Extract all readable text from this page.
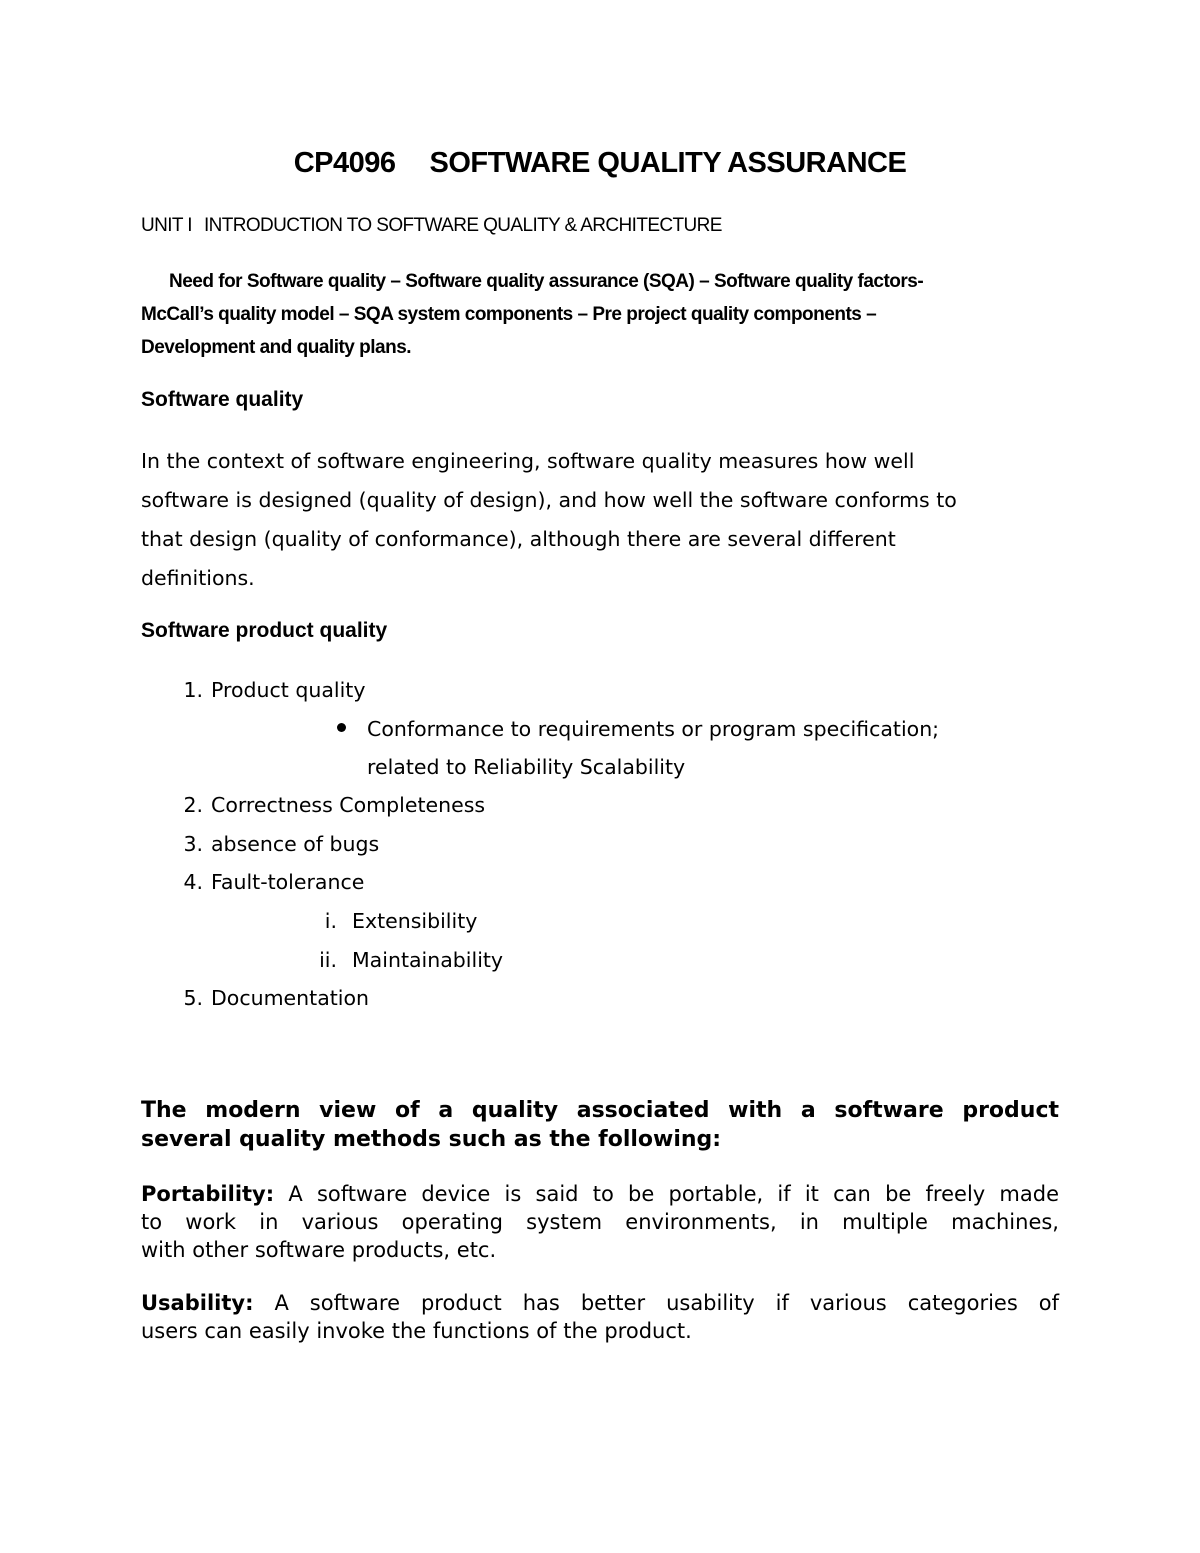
CP4096 SOFTWARE QUALITY ASSURANCE
UNIT I INTRODUCTION TO SOFTWARE QUALITY & ARCHITECTURE
Need for Software quality – Software quality assurance (SQA) – Software quality factors-
McCall’s quality model – SQA system components – Pre project quality components –
Development and quality plans.
Software quality
In the context of software engineering, software quality measures how well
software is designed (quality of design), and how well the software conforms to
that design (quality of conformance), although there are several different
definitions.
Software product quality
1. Product quality
Conformance to requirements or program specification;
related to Reliability Scalability
2. Correctness Completeness
3. absence of bugs
4. Fault-tolerance
i. Extensibility
ii. Maintainability
5. Documentation
The modern view of a quality associated with a software product
several quality methods such as the following:
Portability: A software device is said to be portable, if it can be freely made
to work in various operating system environments, in multiple machines,
with other software products, etc.
Usability: A software product has better usability if various categories of
users can easily invoke the functions of the product.
